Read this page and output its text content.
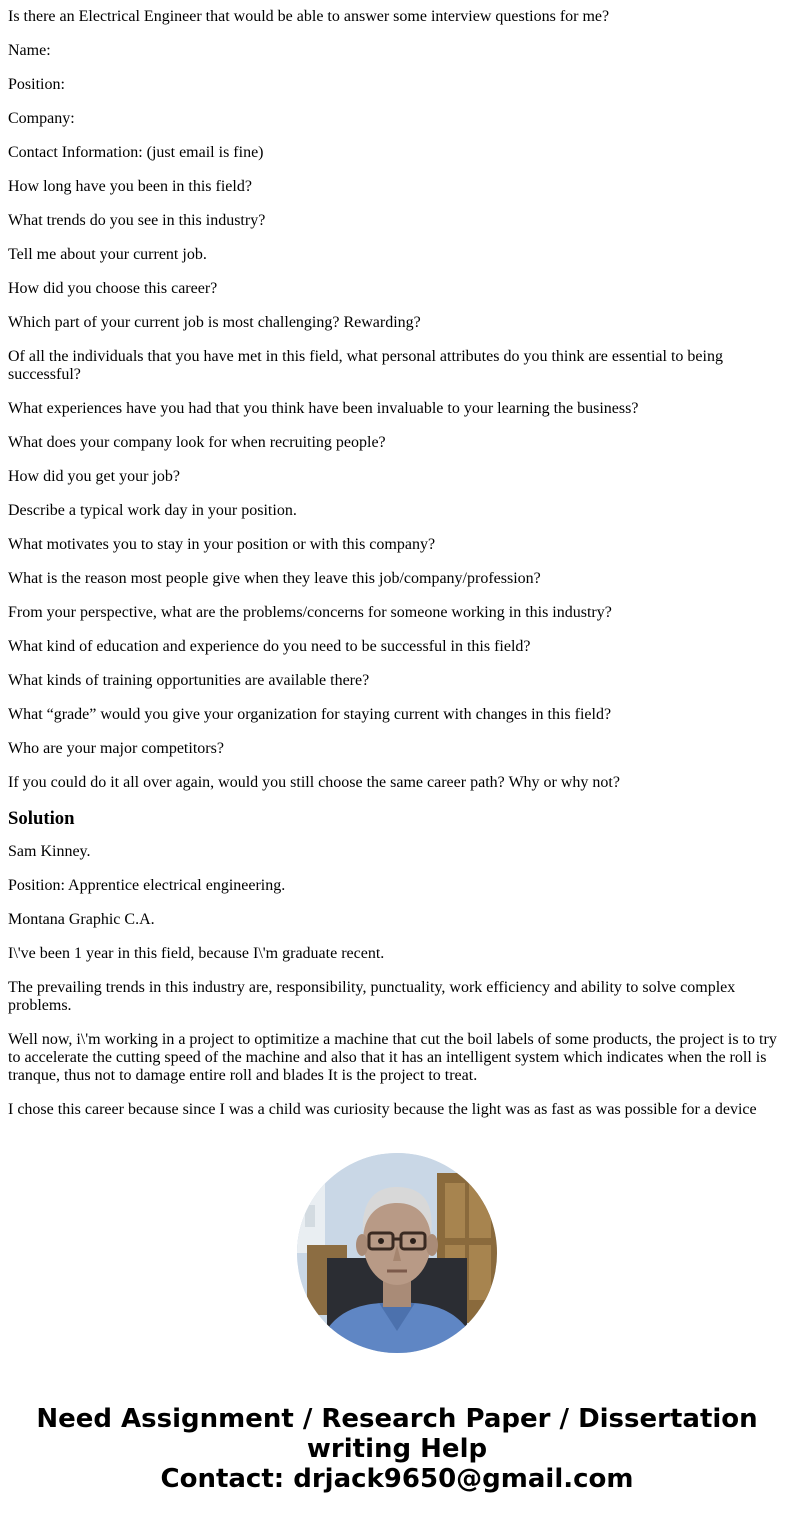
Is there an Electrical Engineer that would be able to answer some interview questions for me?

Name:

Position:

Company:

Contact Information: (just email is fine)

How long have you been in this field?

What trends do you see in this industry?

Tell me about your current job.

How did you choose this career?

Which part of your current job is most challenging? Rewarding?

Of all the individuals that you have met in this field, what personal attributes do you think are essential to being successful?

What experiences have you had that you think have been invaluable to your learning the business?

What does your company look for when recruiting people?

How did you get your job?

Describe a typical work day in your position.

What motivates you to stay in your position or with this company?

What is the reason most people give when they leave this job/company/profession?

From your perspective, what are the problems/concerns for someone working in this industry?

What kind of education and experience do you need to be successful in this field?

What kinds of training opportunities are available there?

What “grade” would you give your organization for staying current with changes in this field?

Who are your major competitors?

If you could do it all over again, would you still choose the same career path? Why or why not?

Solution

Sam Kinney.

Position: Apprentice electrical engineering.

Montana Graphic C.A.

I\'ve been 1 year in this field, because I\'m graduate recent.

The prevailing trends in this industry are, responsibility, punctuality, work efficiency and ability to solve complex problems.

Well now, i\'m working in a project to optimitize a machine that cut the boil labels of some products, the project is to try to accelerate the cutting speed of the machine and also that it has an intelligent system which indicates when the roll is tranque, thus not to damage entire roll and blades It is the project to treat.

I chose this career because since I was a child was curiosity because the light was as fast as was possible for a device

Need Assignment / Research Paper / Dissertation
writing Help
Contact: drjack9650@gmail.com
